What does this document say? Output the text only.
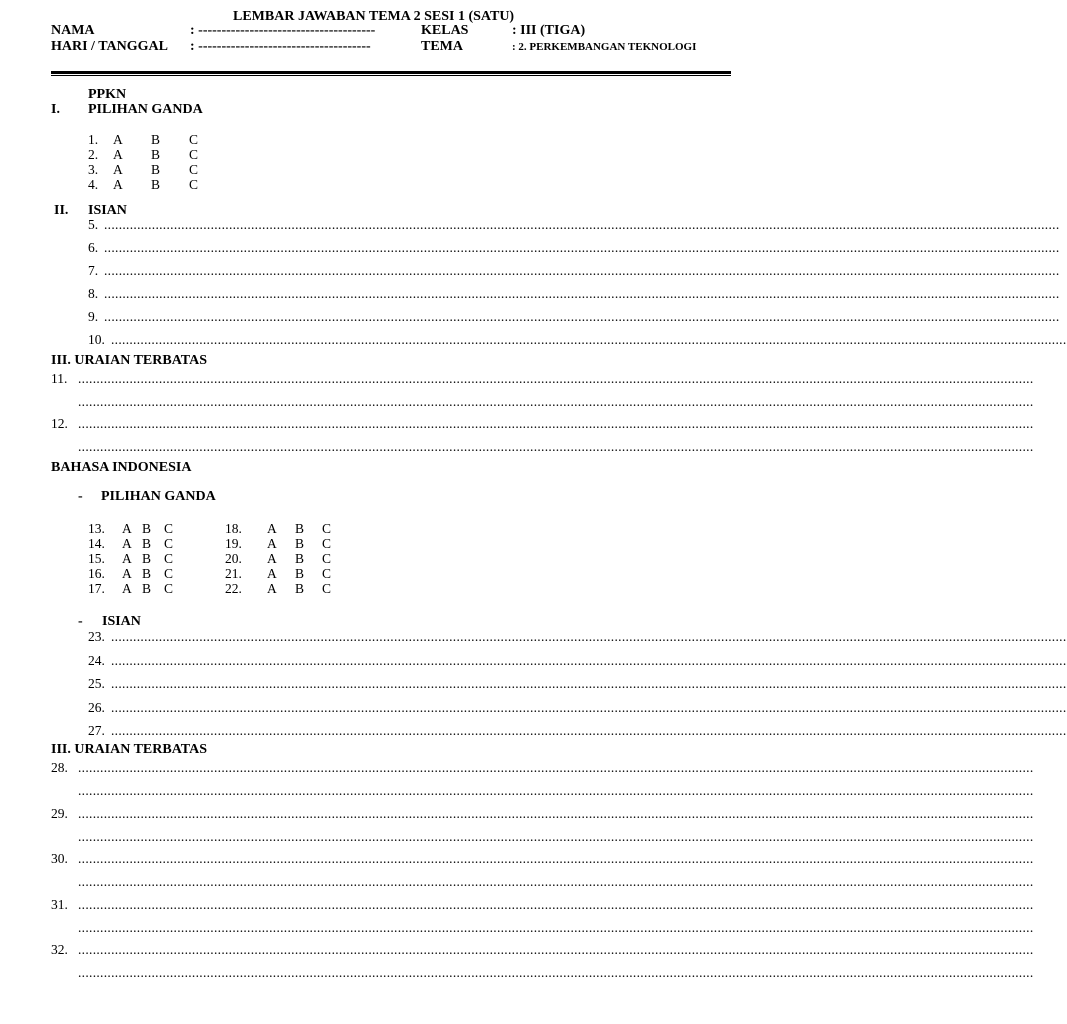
LEMBAR JAWABAN TEMA 2 SESI 1 (SATU)
NAMA	: --------------------------------------	KELAS	: III (TIGA)
HARI / TANGGAL : -------------------------------------	TEMA	: 2. PERKEMBANGAN TEKNOLOGI
PPKN
I. PILIHAN GANDA
1. A B C
2. A B C
3. A B C
4. A B C
II. ISIAN
5. ....................................................................................................................................................................................................................................................................
6. ....................................................................................................................................................................................................................................................................
7. ....................................................................................................................................................................................................................................................................
8. ....................................................................................................................................................................................................................................................................
9. ....................................................................................................................................................................................................................................................................
10. ....................................................................................................................................................................................................................................................................
III. URAIAN TERBATAS
11. ....................................................................................................................................................................................................................................................................
....................................................................................................................................................................................................................................................................
12. ....................................................................................................................................................................................................................................................................
....................................................................................................................................................................................................................................................................
BAHASA INDONESIA
- PILIHAN GANDA
13. A B C
14. A B C
15. A B C
16. A B C
17. A B C
18. A B C
19. A B C
20. A B C
21. A B C
22. A B C
- ISIAN
23. ....................................................................................................................................................................................................................................................................
24. ....................................................................................................................................................................................................................................................................
25. ....................................................................................................................................................................................................................................................................
26. ....................................................................................................................................................................................................................................................................
27. ....................................................................................................................................................................................................................................................................
III. URAIAN TERBATAS
28. ....................................................................................................................................................................................................................................................................
....................................................................................................................................................................................................................................................................
29. ....................................................................................................................................................................................................................................................................
....................................................................................................................................................................................................................................................................
30. ....................................................................................................................................................................................................................................................................
....................................................................................................................................................................................................................................................................
31. ....................................................................................................................................................................................................................................................................
....................................................................................................................................................................................................................................................................
32. ....................................................................................................................................................................................................................................................................
....................................................................................................................................................................................................................................................................
